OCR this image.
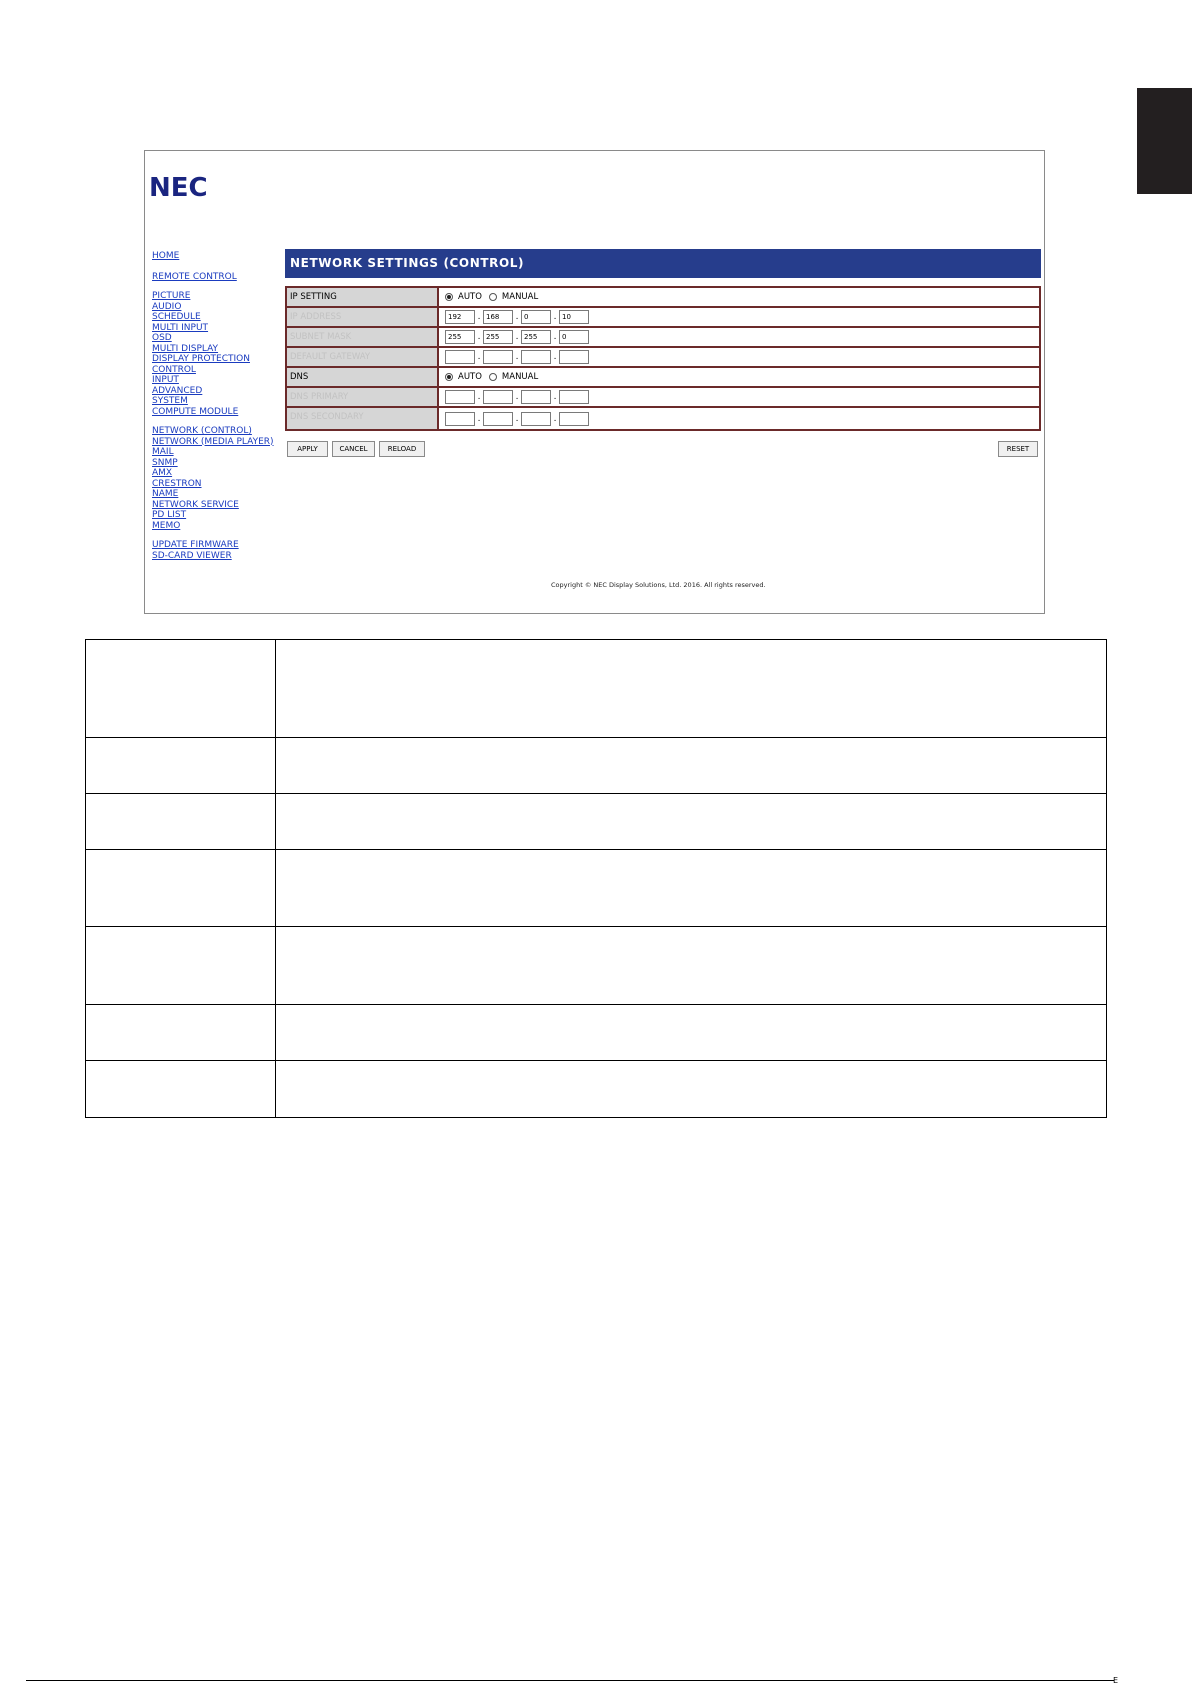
NEC
HOME
REMOTE CONTROL
PICTURE
AUDIO
SCHEDULE
MULTI INPUT
OSD
MULTI DISPLAY
DISPLAY PROTECTION
CONTROL
INPUT
ADVANCED
SYSTEM
COMPUTE MODULE
NETWORK (CONTROL)
NETWORK (MEDIA PLAYER)
MAIL
SNMP
AMX
CRESTRON
NAME
NETWORK SERVICE
PD LIST
MEMO
UPDATE FIRMWARE
SD-CARD VIEWER
NETWORK SETTINGS (CONTROL)
IP SETTING	AUTO MANUAL
IP ADDRESS	192	. 168	. 0	. 10
SUBNET MASK	255	. 255	. 255	. 0
DEFAULT GATEWAY	.	.	.
DNS	AUTO MANUAL
DNS PRIMARY	.	.	.
DNS SECONDARY	.	.	.
APPLY	CANCEL	RELOAD	RESET
Copyright © NEC Display Solutions, Ltd. 2016. All rights reserved.
E
